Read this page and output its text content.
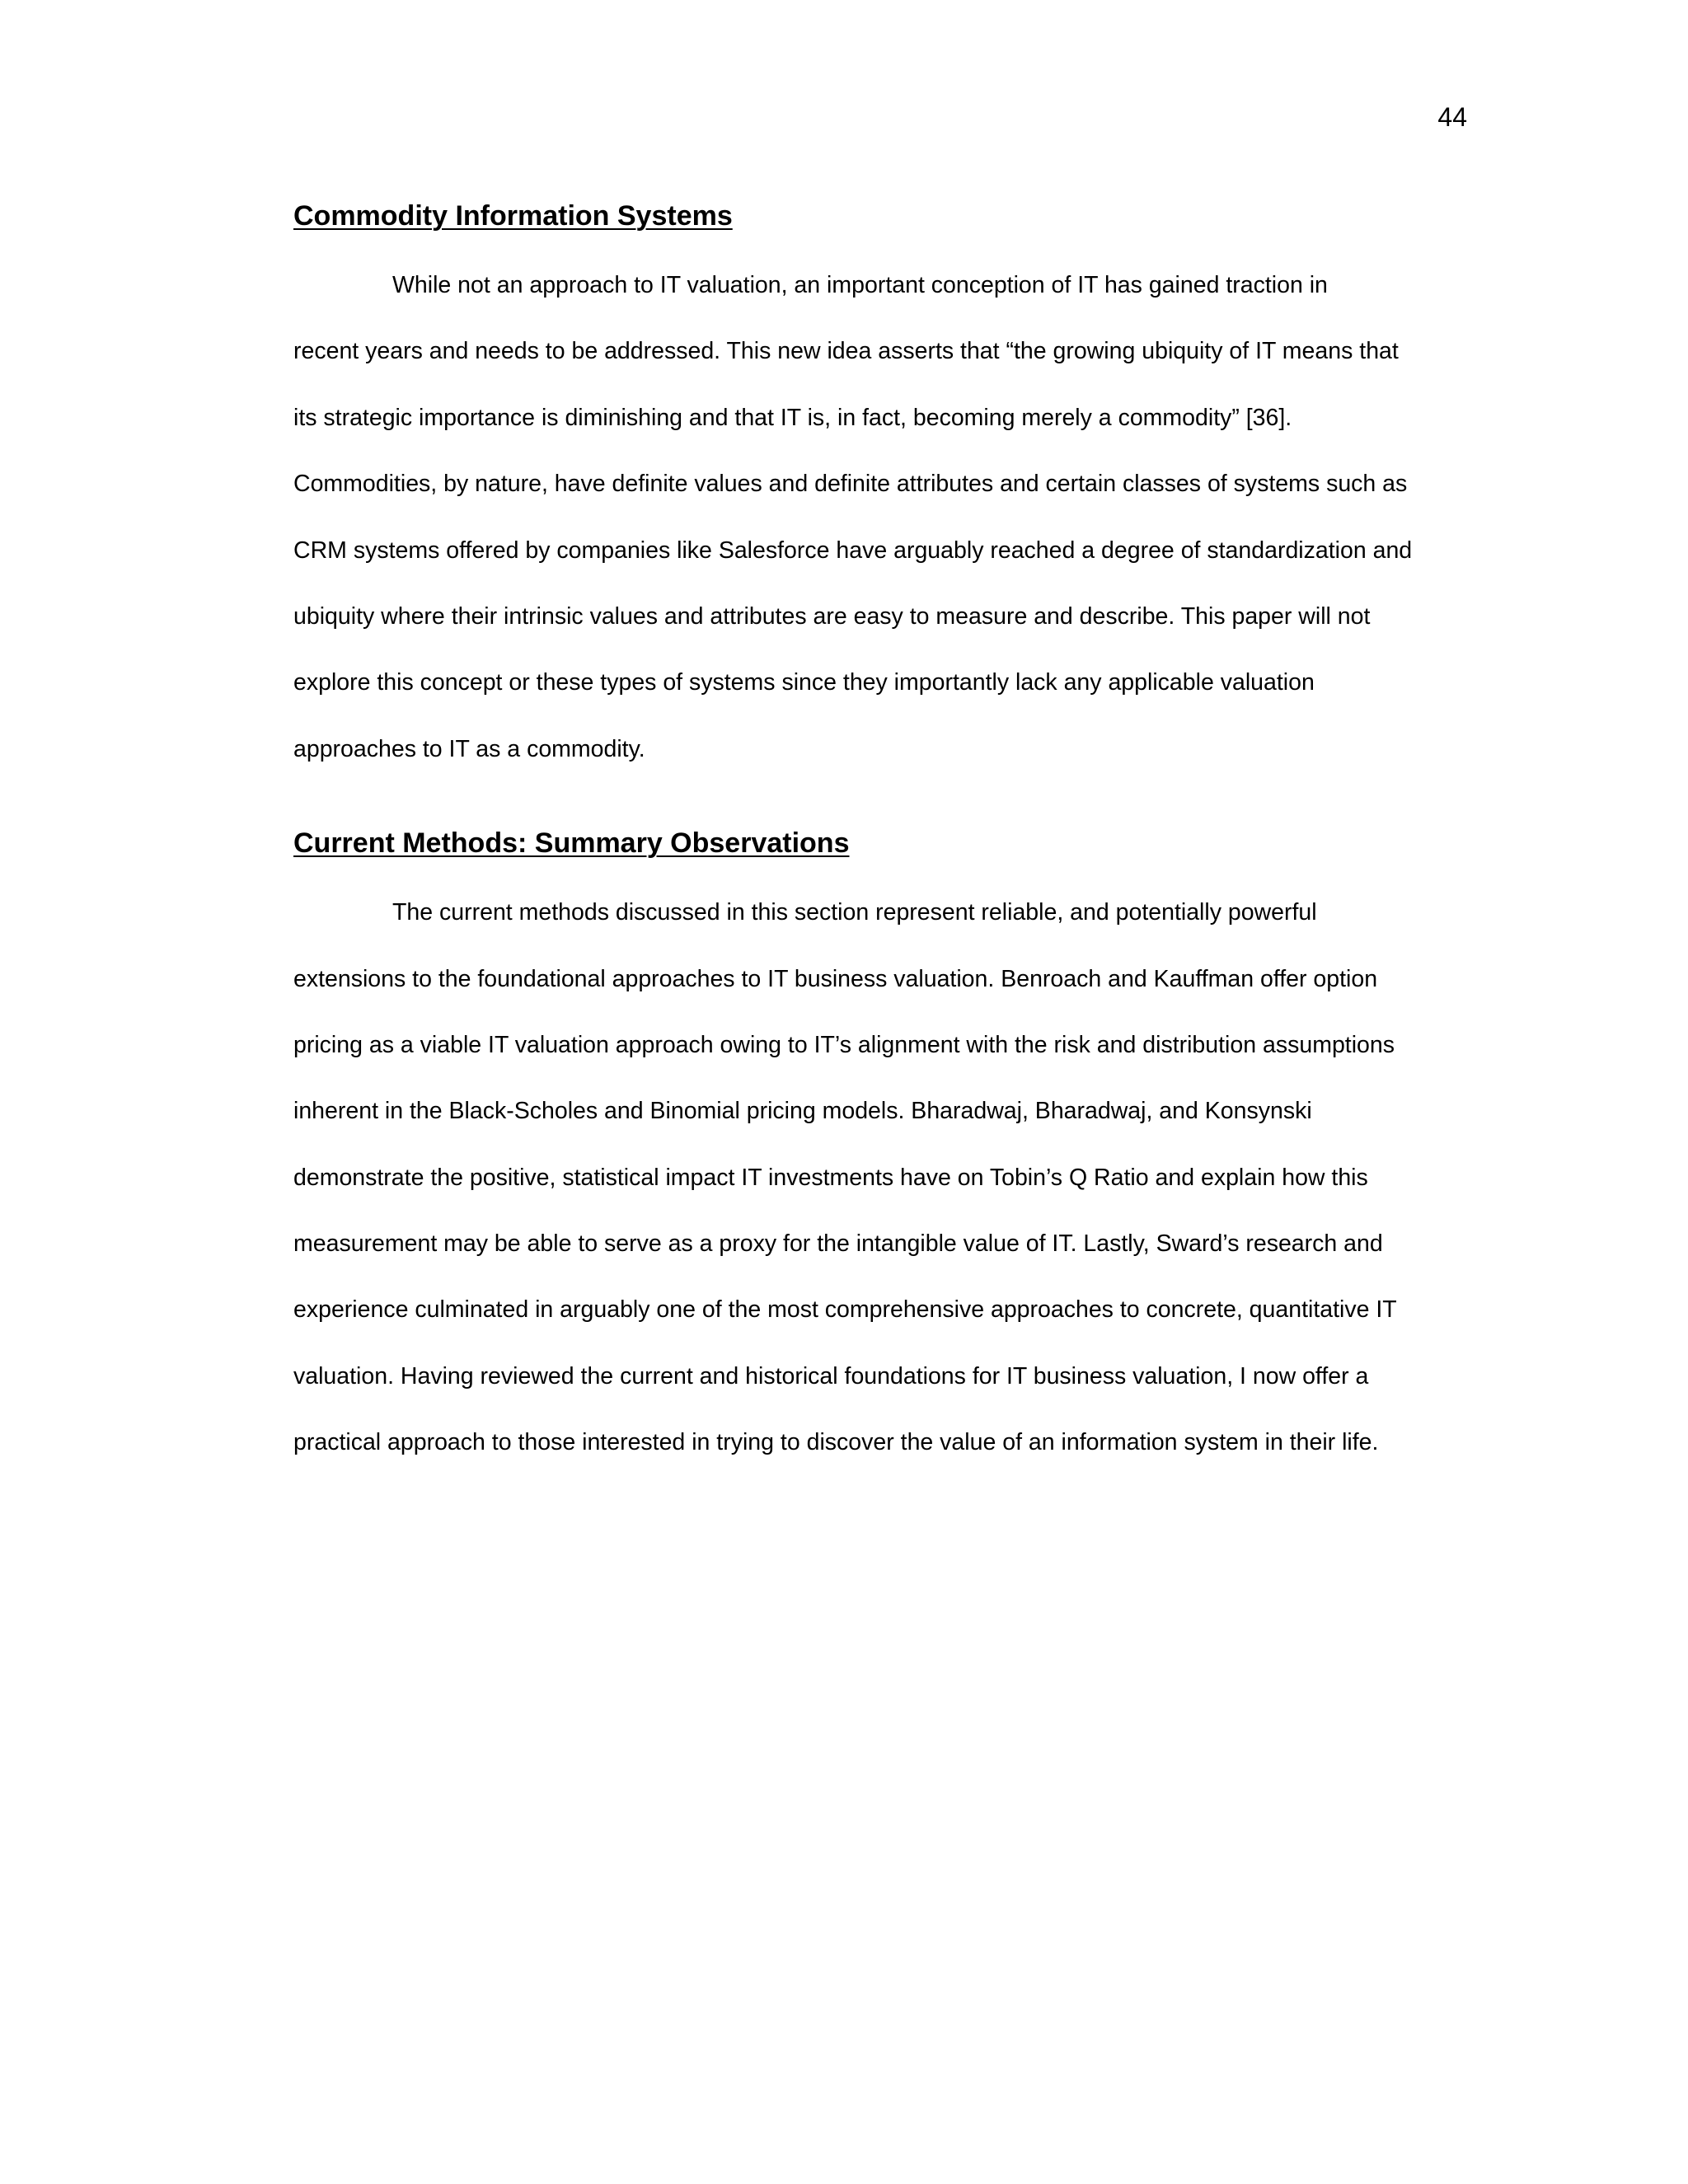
44
Commodity Information Systems
While not an approach to IT valuation, an important conception of IT has gained traction in
recent years and needs to be addressed. This new idea asserts that “the growing ubiquity of IT means that
its strategic importance is diminishing and that IT is, in fact, becoming merely a commodity” [36].
Commodities, by nature, have definite values and definite attributes and certain classes of systems such as
CRM systems offered by companies like Salesforce have arguably reached a degree of standardization and
ubiquity where their intrinsic values and attributes are easy to measure and describe. This paper will not
explore this concept or these types of systems since they importantly lack any applicable valuation
approaches to IT as a commodity.
Current Methods: Summary Observations
The current methods discussed in this section represent reliable, and potentially powerful
extensions to the foundational approaches to IT business valuation. Benroach and Kauffman offer option
pricing as a viable IT valuation approach owing to IT’s alignment with the risk and distribution assumptions
inherent in the Black-Scholes and Binomial pricing models. Bharadwaj, Bharadwaj, and Konsynski
demonstrate the positive, statistical impact IT investments have on Tobin’s Q Ratio and explain how this
measurement may be able to serve as a proxy for the intangible value of IT. Lastly, Sward’s research and
experience culminated in arguably one of the most comprehensive approaches to concrete, quantitative IT
valuation. Having reviewed the current and historical foundations for IT business valuation, I now offer a
practical approach to those interested in trying to discover the value of an information system in their life.
